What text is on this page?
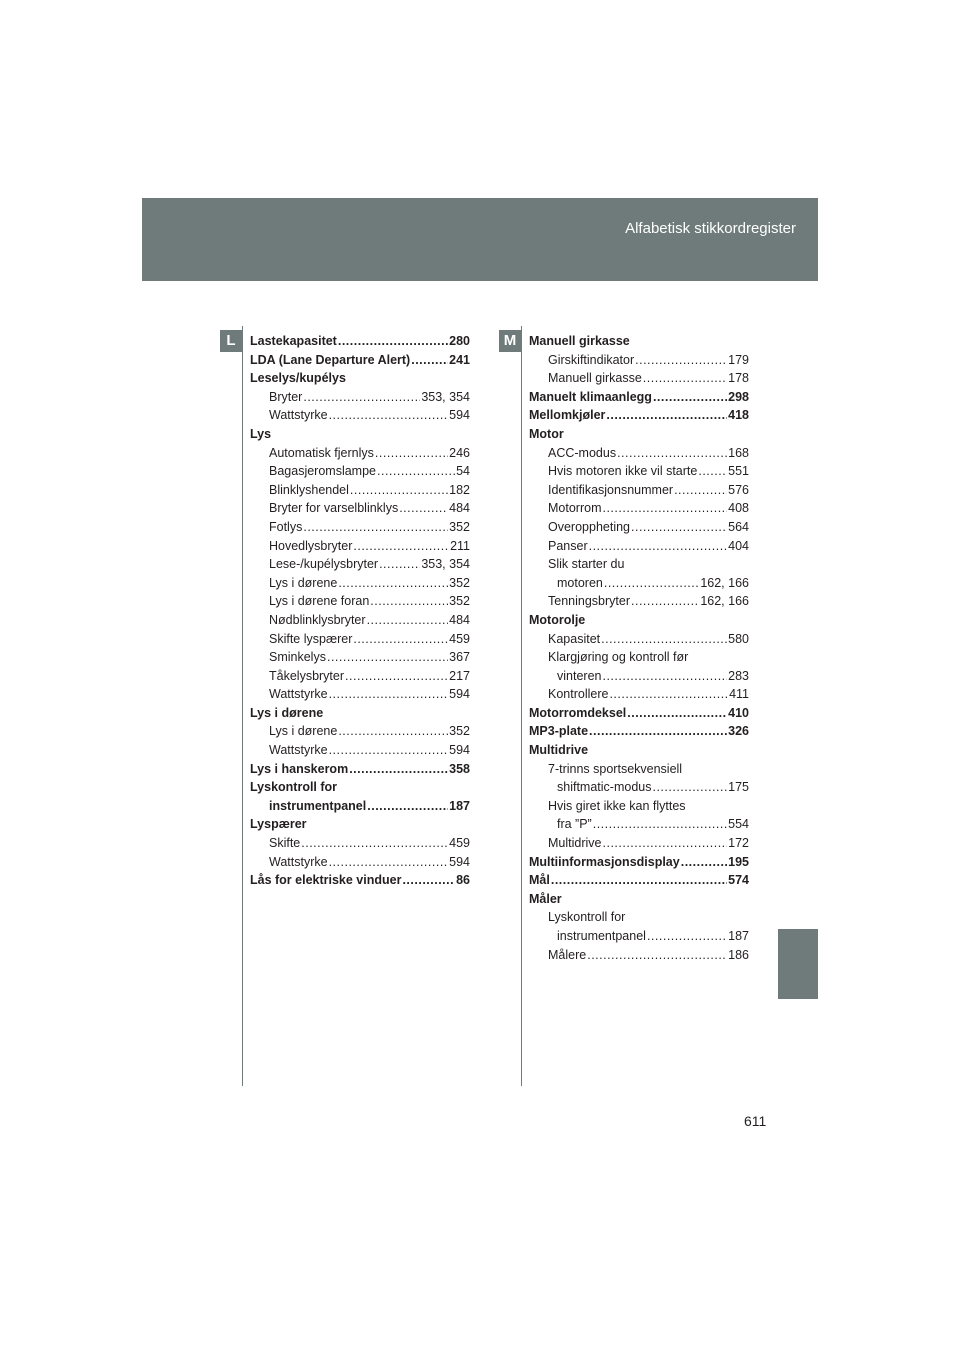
Alfabetisk stikkordregister
L	M
Lastekapasitet .....	280
LDA (Lane Departure Alert) .....	241
Leselys/kupélys
Bryter .....	353, 354
Wattstyrke .....	594
Lys
Automatisk fjernlys .....	246
Bagasjeromslampe .....	54
Blinklyshendel .....	182
Bryter for varselblinklys .....	484
Fotlys .....	352
Hovedlysbryter .....	211
Lese-/kupélysbryter .....	353, 354
Lys i dørene .....	352
Lys i dørene foran .....	352
Nødblinklysbryter .....	484
Skifte lyspærer .....	459
Sminkelys .....	367
Tåkelysbryter .....	217
Wattstyrke .....	594
Lys i dørene
Lys i dørene .....	352
Wattstyrke .....	594
Lys i hanskerom .....	358
Lyskontroll for
instrumentpanel .....	187
Lyspærer
Skifte .....	459
Wattstyrke .....	594
Lås for elektriske vinduer .....	86
Manuell girkasse
Girskiftindikator .....	179
Manuell girkasse .....	178
Manuelt klimaanlegg .....	298
Mellomkjøler .....	418
Motor
ACC-modus .....	168
Hvis motoren ikke vil starte ..... 551
Identifikasjonsnummer .....	576
Motorrom .....	408
Overoppheting .....	564
Panser .....	404
Slik starter du
motoren .....	162, 166
Tenningsbryter .....	162, 166
Motorolje
Kapasitet .....	580
Klargjøring og kontroll før
vinteren .....	283
Kontrollere .....	411
Motorromdeksel .....	410
MP3-plate .....	326
Multidrive
7-trinns sportsekvensiell
shiftmatic-modus .....	175
Hvis giret ikke kan flyttes
fra ”P” .....	554
Multidrive .....	172
Multiinformasjonsdisplay .....	195
Mål .....	574
Måler
Lyskontroll for
instrumentpanel .....	187
Målere .....	186
611
